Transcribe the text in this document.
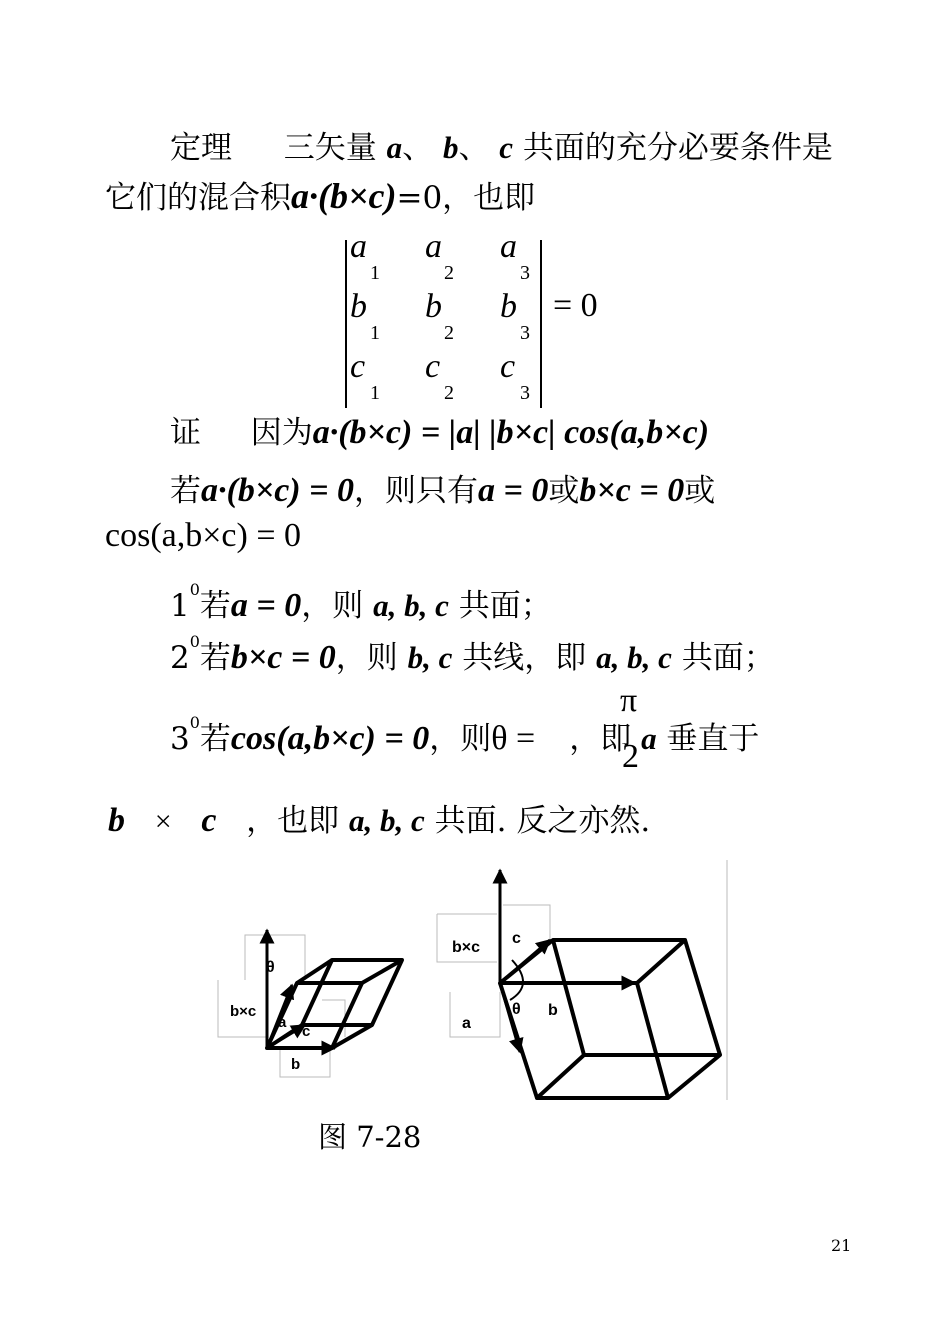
定理 三矢量 a、 b、 c 共面的充分必要条件是
它们的混合积a·(b×c)=0，也即
a a a
1	2	3
b b b
1	2	3
c c c
1	2	3
= 0
证 因为a·(b×c) = |a| |b×c| cos(a,b×c)
若a·(b×c) = 0，则只有a = 0或b×c = 0或
cos(a,b×c) = 0
$1^0$若a = 0，则 a, b, c 共面；
$2^0$若b×c = 0，则 b, c 共线，即 a, b, c 共面；
$3^0$若cos(a,b×c) = 0，则θ = ，即 a 垂直于
π
2
b × c ，也即 a, b, c 共面. 反之亦然.
θ
b×c
a
c
b
b×c
c
a
θ b
图 7-28
21
